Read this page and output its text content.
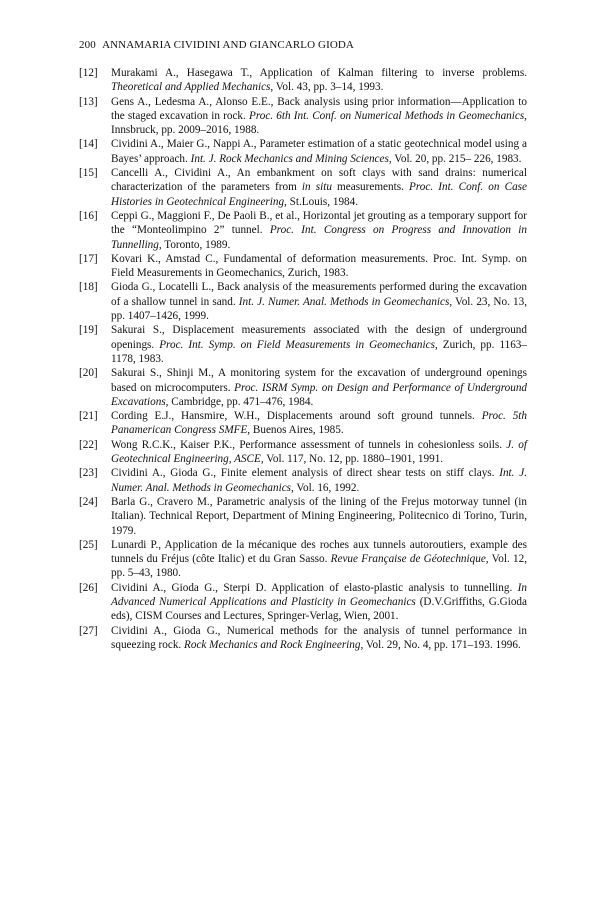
200 ANNAMARIA CIVIDINI AND GIANCARLO GIODA
[12] Murakami A., Hasegawa T., Application of Kalman filtering to inverse problems. Theoretical and Applied Mechanics, Vol. 43, pp. 3–14, 1993.
[13] Gens A., Ledesma A., Alonso E.E., Back analysis using prior information—Application to the staged excavation in rock. Proc. 6th Int. Conf. on Numerical Methods in Geomechanics, Innsbruck, pp. 2009–2016, 1988.
[14] Cividini A., Maier G., Nappi A., Parameter estimation of a static geotechnical model using a Bayes’ approach. Int. J. Rock Mechanics and Mining Sciences, Vol. 20, pp. 215– 226, 1983.
[15] Cancelli A., Cividini A., An embankment on soft clays with sand drains: numerical characterization of the parameters from in situ measurements. Proc. Int. Conf. on Case Histories in Geotechnical Engineering, St.Louis, 1984.
[16] Ceppi G., Maggioni F., De Paoli B., et al., Horizontal jet grouting as a temporary support for the “Monteolimpino 2” tunnel. Proc. Int. Congress on Progress and Innovation in Tunnelling, Toronto, 1989.
[17] Kovari K., Amstad C., Fundamental of deformation measurements. Proc. Int. Symp. on Field Measurements in Geomechanics, Zurich, 1983.
[18] Gioda G., Locatelli L., Back analysis of the measurements performed during the excavation of a shallow tunnel in sand. Int. J. Numer. Anal. Methods in Geomechanics, Vol. 23, No. 13, pp. 1407–1426, 1999.
[19] Sakurai S., Displacement measurements associated with the design of underground openings. Proc. Int. Symp. on Field Measurements in Geomechanics, Zurich, pp. 1163– 1178, 1983.
[20] Sakurai S., Shinji M., A monitoring system for the excavation of underground openings based on microcomputers. Proc. ISRM Symp. on Design and Performance of Underground Excavations, Cambridge, pp. 471–476, 1984.
[21] Cording E.J., Hansmire, W.H., Displacements around soft ground tunnels. Proc. 5th Panamerican Congress SMFE, Buenos Aires, 1985.
[22] Wong R.C.K., Kaiser P.K., Performance assessment of tunnels in cohesionless soils. J. of Geotechnical Engineering, ASCE, Vol. 117, No. 12, pp. 1880–1901, 1991.
[23] Cividini A., Gioda G., Finite element analysis of direct shear tests on stiff clays. Int. J. Numer. Anal. Methods in Geomechanics, Vol. 16, 1992.
[24] Barla G., Cravero M., Parametric analysis of the lining of the Frejus motorway tunnel (in Italian). Technical Report, Department of Mining Engineering, Politecnico di Torino, Turin, 1979.
[25] Lunardi P., Application de la mécanique des roches aux tunnels autoroutiers, example des tunnels du Fréjus (côte Italic) et du Gran Sasso. Revue Française de Géotechnique, Vol. 12, pp. 5–43, 1980.
[26] Cividini A., Gioda G., Sterpi D. Application of elasto-plastic analysis to tunnelling. In Advanced Numerical Applications and Plasticity in Geomechanics (D.V.Griffiths, G.Gioda eds), CISM Courses and Lectures, Springer-Verlag, Wien, 2001.
[27] Cividini A., Gioda G., Numerical methods for the analysis of tunnel performance in squeezing rock. Rock Mechanics and Rock Engineering, Vol. 29, No. 4, pp. 171–193. 1996.
